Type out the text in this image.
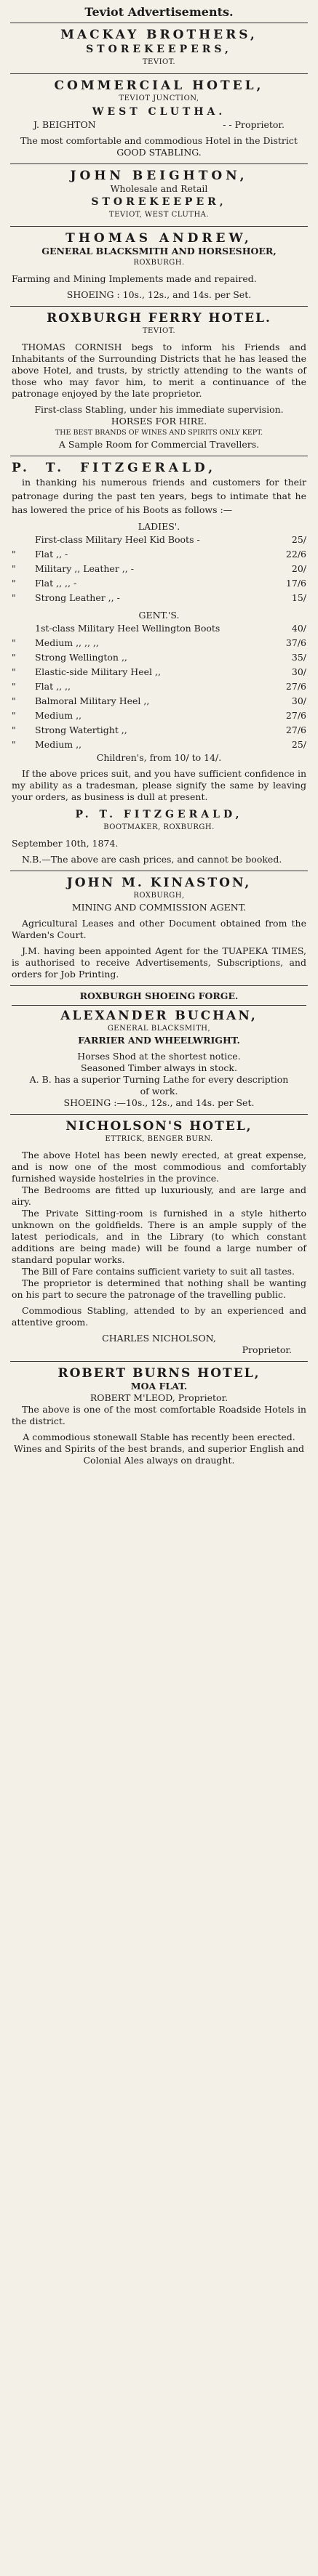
Teviot Advertisements.
MACKAY BROTHERS,
STOREKEEPERS,
TEVIOT.
COMMERCIAL HOTEL,
TEVIOT JUNCTION,
WEST CLUTHA.
J. BEIGHTON	- - Proprietor.
The most comfortable and commodious Hotel in the District
GOOD STABLING.
JOHN BEIGHTON,
Wholesale and Retail
STOREKEEPER,
TEVIOT, WEST CLUTHA.
THOMAS ANDREW,
GENERAL BLACKSMITH AND HORSESHOER,
ROXBURGH.
Farming and Mining Implements made and repaired.
SHOEING : 10s., 12s., and 14s. per Set.
ROXBURGH FERRY HOTEL.
TEVIOT.
THOMAS CORNISH begs to inform his Friends and Inhabitants of the Surrounding Districts that he has leased the above Hotel, and trusts, by strictly attending to the wants of those who may favor him, to merit a continuance of the patronage enjoyed by the late proprietor.
First-class Stabling, under his immediate supervision.
HORSES FOR HIRE.
THE BEST BRANDS OF WINES AND SPIRITS ONLY KEPT.
A Sample Room for Commercial Travellers.
P. T. FITZGERALD,
in thanking his numerous friends and customers for their patronage during the past ten years, begs to intimate that he has lowered the price of his Boots as follows :—
LADIES'.
First-class Military Heel Kid Boots -	25/
"	Flat ,, -	22/6
"	Military ,, Leather ,, -	20/
"	Flat ,, ,, -	17/6
"	Strong Leather ,, -	15/
GENT.'S.
1st-class Military Heel Wellington Boots	40/
"	Medium ,, ,, ,,	37/6
"	Strong Wellington ,,	35/
"	Elastic-side Military Heel ,,	30/
"	Flat ,, ,,	27/6
"	Balmoral Military Heel ,,	30/
"	Medium ,,	27/6
"	Strong Watertight ,,	27/6
"	Medium ,,	25/
Children's, from 10/ to 14/.
If the above prices suit, and you have sufficient confidence in my ability as a tradesman, please signify the same by leaving your orders, as business is dull at present.
P. T. FITZGERALD,
BOOTMAKER, ROXBURGH.
September 10th, 1874.
N.B.—The above are cash prices, and cannot be booked.
JOHN M. KINASTON,
ROXBURGH,
MINING AND COMMISSION AGENT.
Agricultural Leases and other Document obtained from the Warden's Court.
J.M. having been appointed Agent for the TUAPEKA TIMES, is authorised to receive Advertisements, Subscriptions, and orders for Job Printing.
ROXBURGH SHOEING FORGE.
ALEXANDER BUCHAN,
GENERAL BLACKSMITH,
FARRIER AND WHEELWRIGHT.
Horses Shod at the shortest notice.
Seasoned Timber always in stock.
A. B. has a superior Turning Lathe for every description of work.
SHOEING :—10s., 12s., and 14s. per Set.
NICHOLSON'S HOTEL,
ETTRICK, BENGER BURN.
The above Hotel has been newly erected, at great expense, and is now one of the most commodious and comfortably furnished wayside hostelries in the province.
The Bedrooms are fitted up luxuriously, and are large and airy.
The Private Sitting-room is furnished in a style hitherto unknown on the goldfields. There is an ample supply of the latest periodicals, and in the Library (to which constant additions are being made) will be found a large number of standard popular works.
The Bill of Fare contains sufficient variety to suit all tastes.
The proprietor is determined that nothing shall be wanting on his part to secure the patronage of the travelling public.
Commodious Stabling, attended to by an experienced and attentive groom.
CHARLES NICHOLSON,
Proprietor.
ROBERT BURNS HOTEL,
MOA FLAT.
ROBERT M'LEOD, Proprietor.
The above is one of the most comfortable Roadside Hotels in the district.
A commodious stonewall Stable has recently been erected.
Wines and Spirits of the best brands, and superior English and Colonial Ales always on draught.
